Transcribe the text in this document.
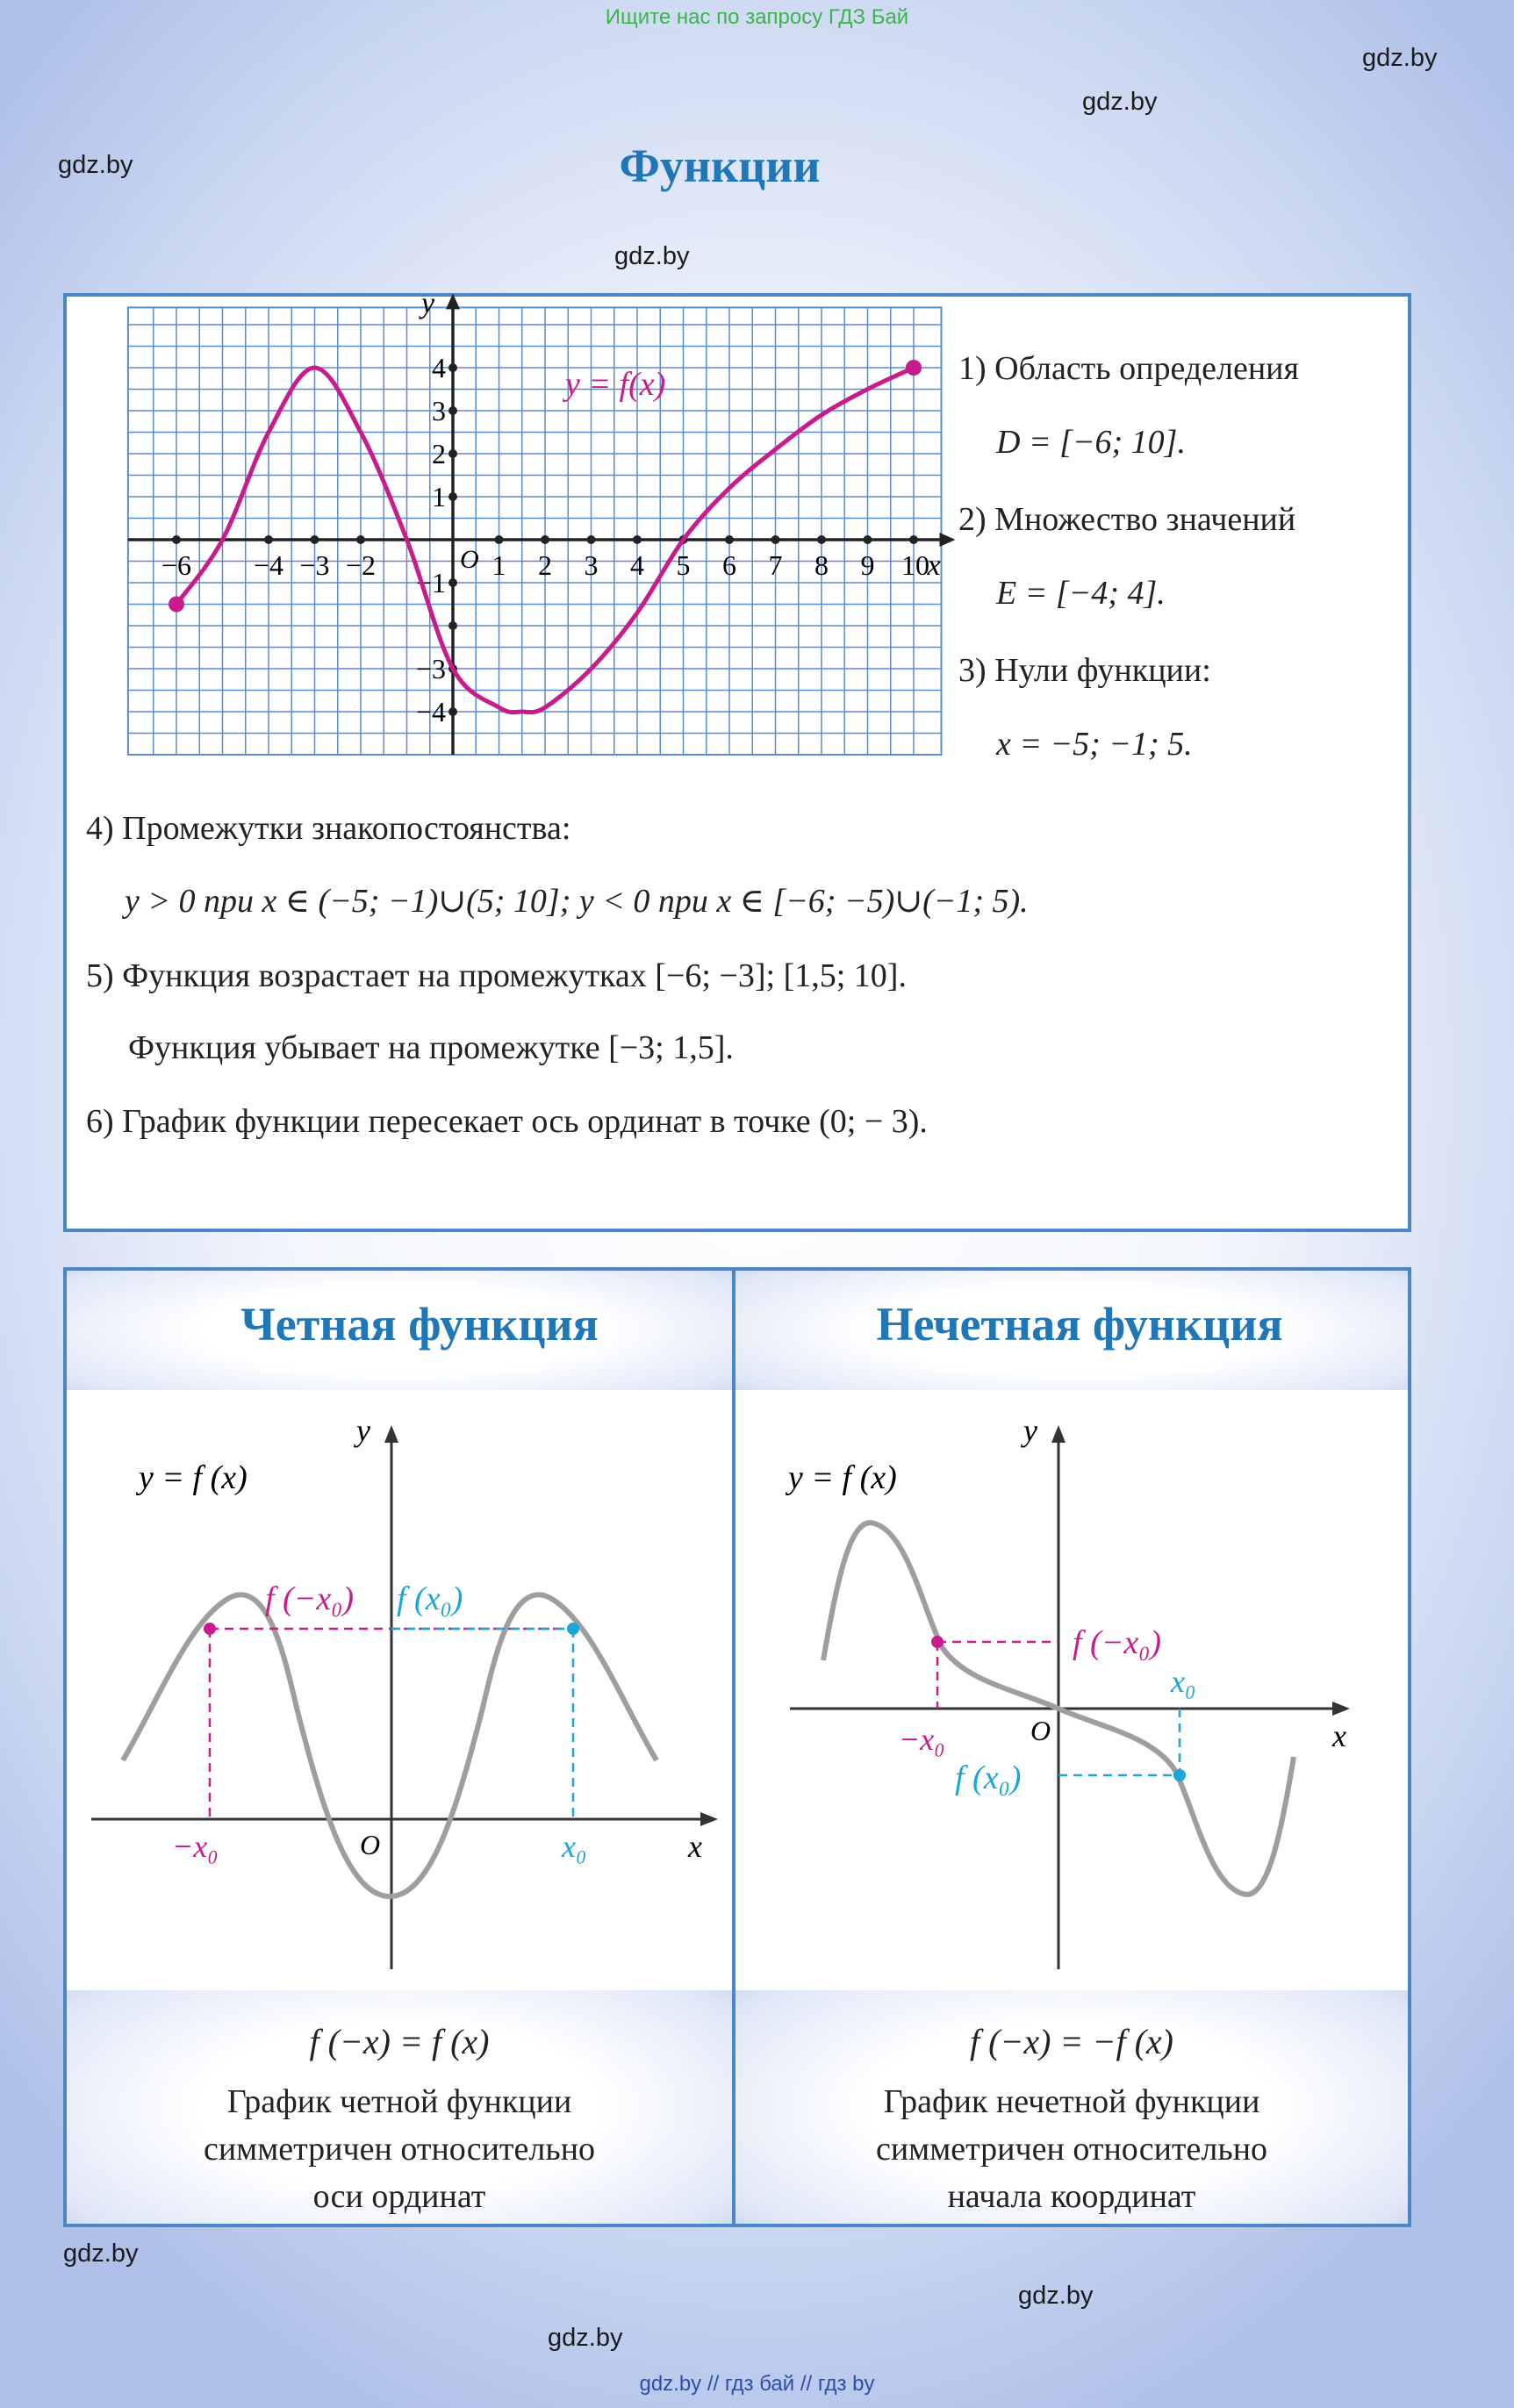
Ищите нас по запросу ГДЗ Бай
gdz.by // гдз бай // гдз by
gdz.by
gdz.by
gdz.by
gdz.by
gdz.by
gdz.by
gdz.by
Функции
−6 −4 −3 −2	1 2 3 4 5 6 7 8 9 10
4
3
2
1
−1
−3
−4
x
y
O
y = f(x)	1) Область определения
D = [−6; 10].
2) Множество значений
E = [−4; 4].
3) Нули функции:
x = −5; −1; 5.
4) Промежутки знакопостоянства:
y > 0 при x ∈ (−5; −1)∪(5; 10]; y < 0 при x ∈ [−6; −5)∪(−1; 5).
5) Функция возрастает на промежутках [−6; −3]; [1,5; 10].
Функция убывает на промежутке [−3; 1,5].
6) График функции пересекает ось ординат в точке (0; − 3).
Четная функция	Нечетная функция
y = f (x)
f (−x₀) f (x₀)
−x₀	x₀	x
y
O
y = f (x)
f (−x₀)
f (x₀)
−x₀
x₀
x
y
O
f (−x) = f (x)	f (−x) = −f (x)
График четной функции
симметричен относительно
оси ординат
График нечетной функции
симметричен относительно
начала координат
